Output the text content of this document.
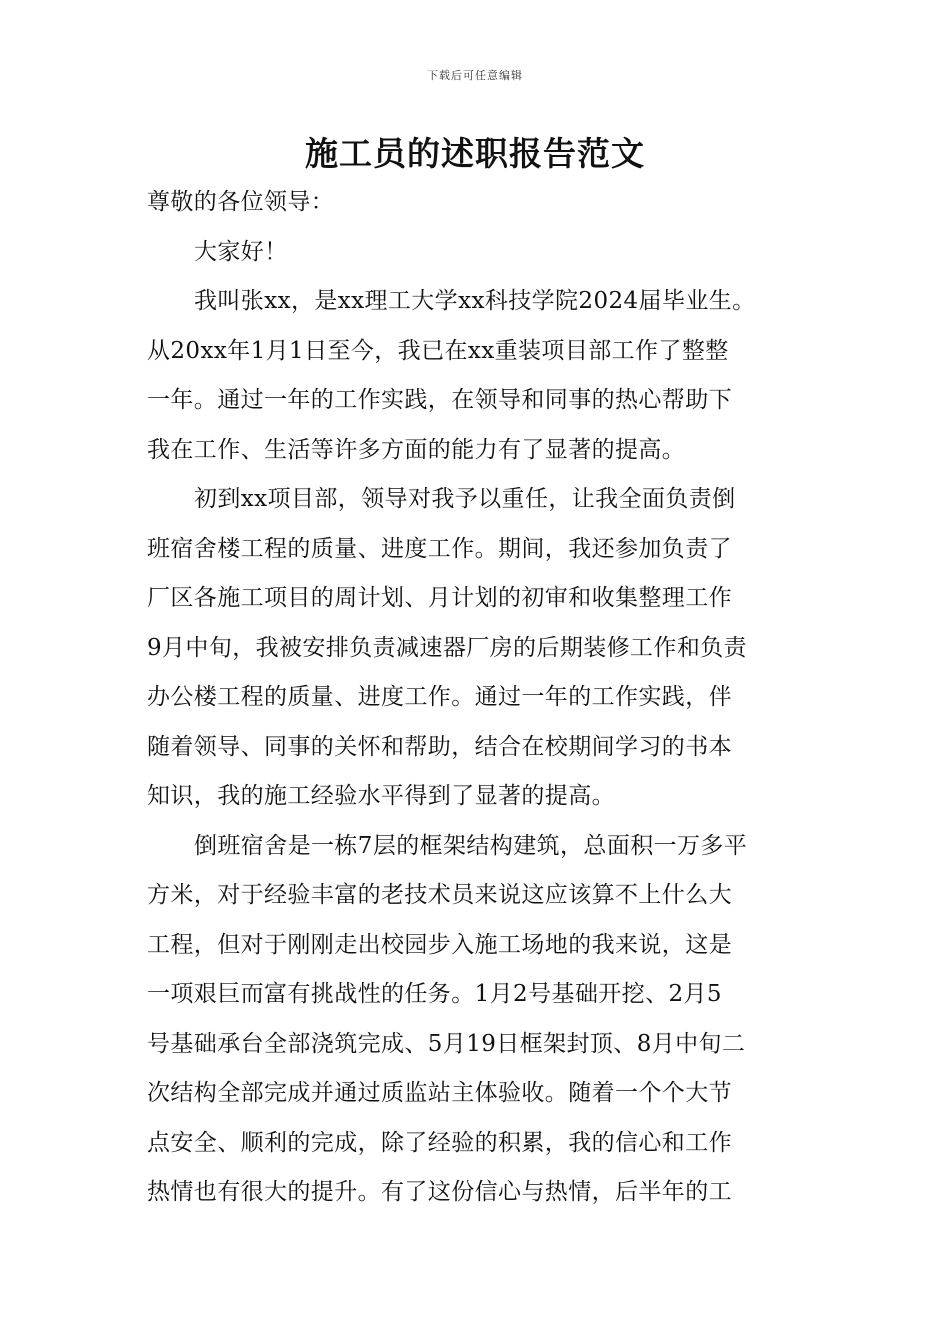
下载后可任意编辑
施工员的述职报告范文
尊敬的各位领导：
大家好！
我叫张xx，是xx理工大学xx科技学院2024届毕业生。
从20xx年1月1日至今，我已在xx重装项目部工作了整整
一年。通过一年的工作实践，在领导和同事的热心帮助下
我在工作、生活等许多方面的能力有了显著的提高。
初到xx项目部，领导对我予以重任，让我全面负责倒
班宿舍楼工程的质量、进度工作。期间，我还参加负责了
厂区各施工项目的周计划、月计划的初审和收集整理工作
9月中旬，我被安排负责减速器厂房的后期装修工作和负责
办公楼工程的质量、进度工作。通过一年的工作实践，伴
随着领导、同事的关怀和帮助，结合在校期间学习的书本
知识，我的施工经验水平得到了显著的提高。
倒班宿舍是一栋7层的框架结构建筑，总面积一万多平
方米，对于经验丰富的老技术员来说这应该算不上什么大
工程，但对于刚刚走出校园步入施工场地的我来说，这是
一项艰巨而富有挑战性的任务。1月2号基础开挖、2月5
号基础承台全部浇筑完成、5月19日框架封顶、8月中旬二
次结构全部完成并通过质监站主体验收。随着一个个大节
点安全、顺利的完成，除了经验的积累，我的信心和工作
热情也有很大的提升。有了这份信心与热情，后半年的工
